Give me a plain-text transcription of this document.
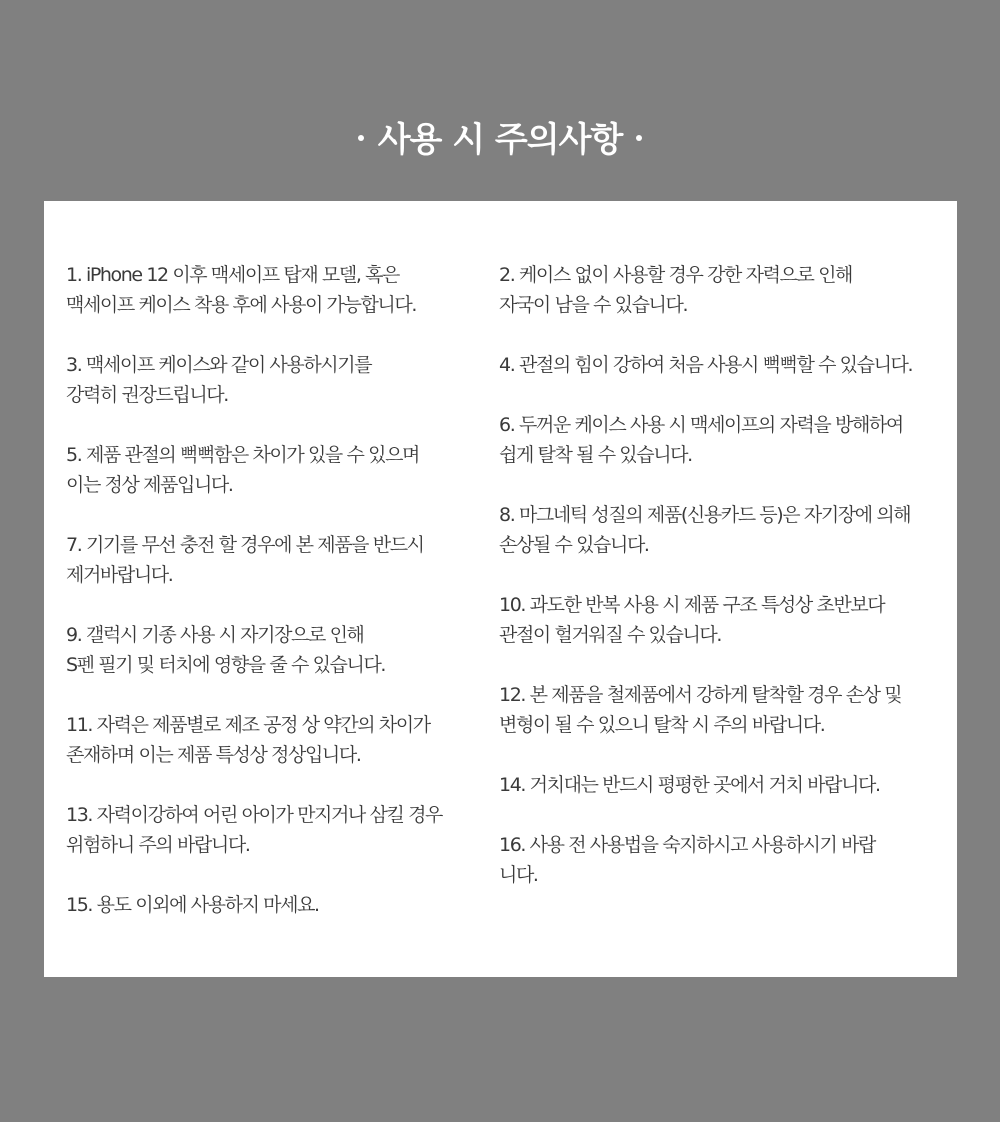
사용 시 주의사항

1. iPhone 12 이후 맥세이프 탑재 모델, 혹은
맥세이프 케이스 착용 후에 사용이 가능합니다.

3. 맥세이프 케이스와 같이 사용하시기를
강력히 권장드립니다.

5. 제품 관절의 뻑뻑함은 차이가 있을 수 있으며
이는 정상 제품입니다.

7. 기기를 무선 충전 할 경우에 본 제품을 반드시
제거바랍니다.

9. 갤럭시 기종 사용 시 자기장으로 인해
S펜 필기 및 터치에 영향을 줄 수 있습니다.

11. 자력은 제품별로 제조 공정 상 약간의 차이가
존재하며 이는 제품 특성상 정상입니다.

13. 자력이강하여 어린 아이가 만지거나 삼킬 경우
위험하니 주의 바랍니다.

15. 용도 이외에 사용하지 마세요.

2. 케이스 없이 사용할 경우 강한 자력으로 인해
자국이 남을 수 있습니다.

4. 관절의 힘이 강하여 처음 사용시 뻑뻑할 수 있습니다.

6. 두꺼운 케이스 사용 시 맥세이프의 자력을 방해하여
쉽게 탈착 될 수 있습니다.

8. 마그네틱 성질의 제품(신용카드 등)은 자기장에 의해
손상될 수 있습니다.

10. 과도한 반복 사용 시 제품 구조 특성상 초반보다
관절이 헐거워질 수 있습니다.

12. 본 제품을 철제품에서 강하게 탈착할 경우 손상 및
변형이 될 수 있으니 탈착 시 주의 바랍니다.

14. 거치대는 반드시 평평한 곳에서 거치 바랍니다.

16. 사용 전 사용법을 숙지하시고 사용하시기 바랍
니다.
